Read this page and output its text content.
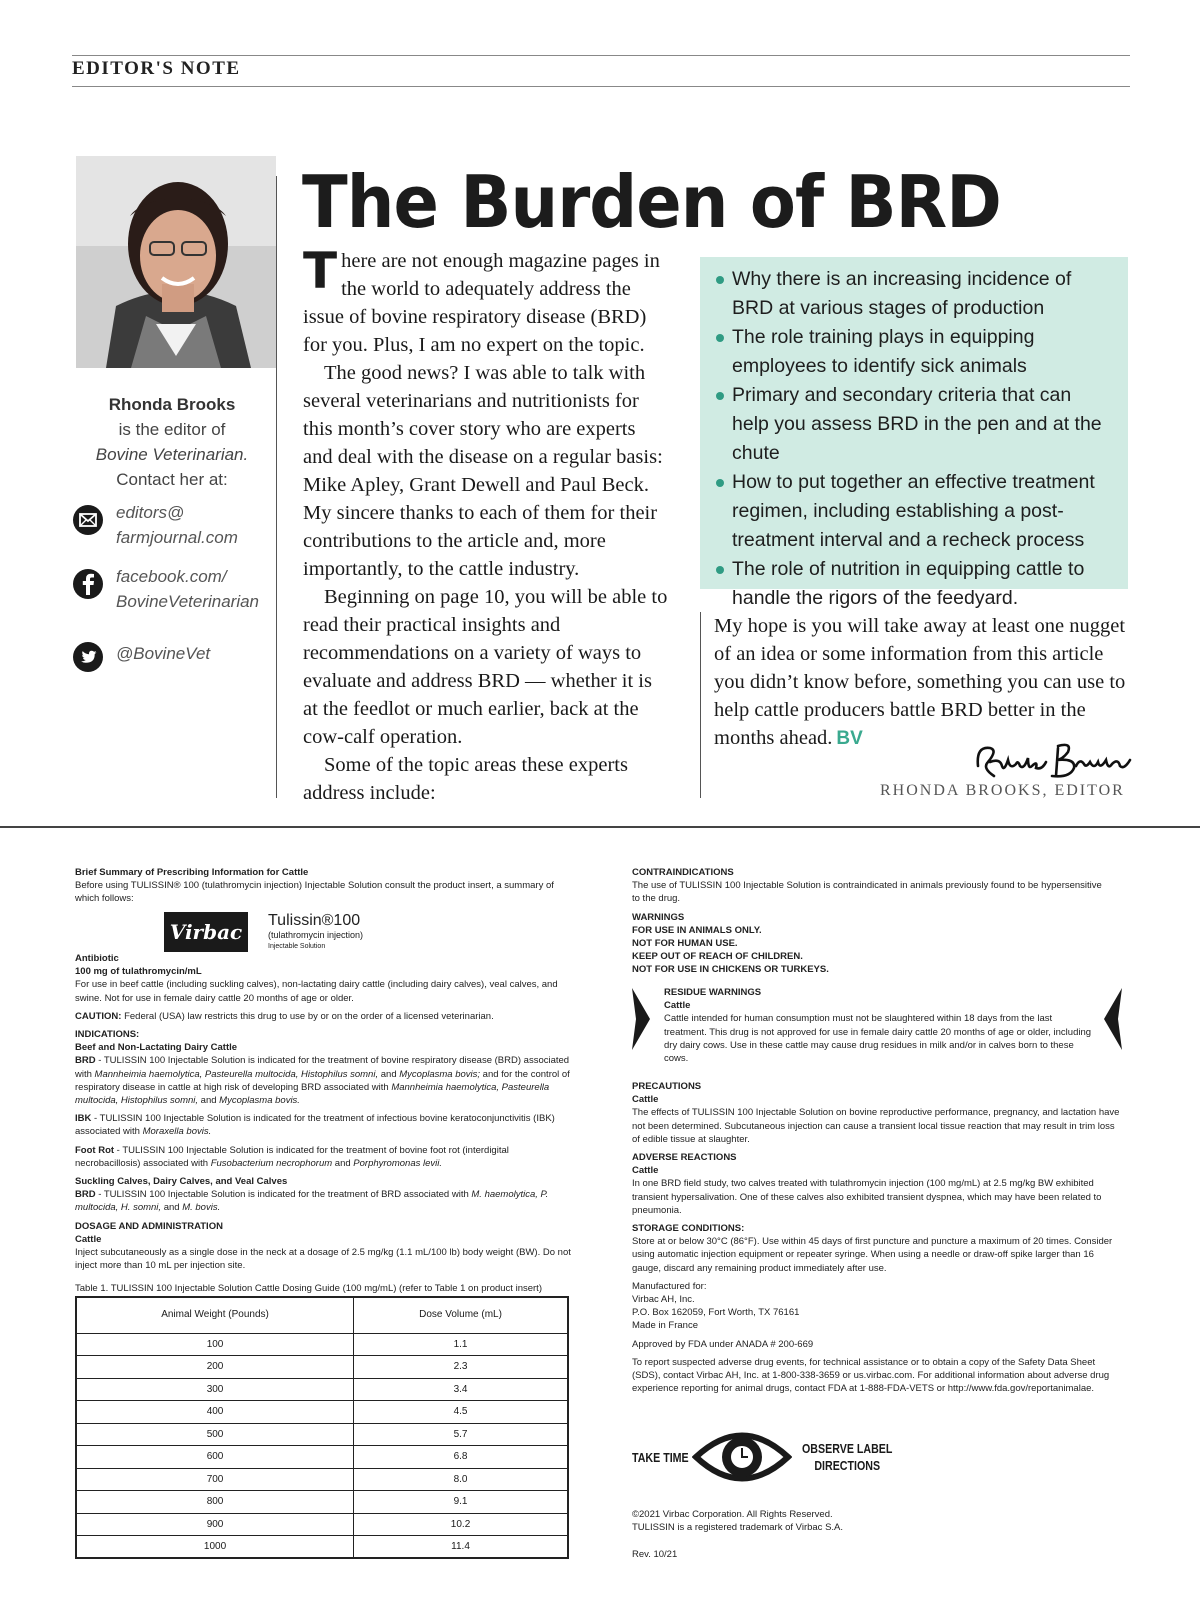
EDITOR'S NOTE
Rhonda Brooks
is the editor of
Bovine Veterinarian.
Contact her at:
editors@
farmjournal.com
facebook.com/
BovineVeterinarian
@BovineVet
The Burden of BRD

There are not enough magazine pages in the world to adequately address the issue of bovine respiratory disease (BRD) for you. Plus, I am no expert on the topic.

The good news? I was able to talk with several veterinarians and nutritionists for this month’s cover story who are experts and deal with the disease on a regular basis: Mike Apley, Grant Dewell and Paul Beck. My sincere thanks to each of them for their contributions to the article and, more importantly, to the cattle industry.

Beginning on page 10, you will be able to read their practical insights and recommendations on a variety of ways to evaluate and address BRD — whether it is at the feedlot or much earlier, back at the cow-calf operation.

Some of the topic areas these experts address include:

Why there is an increasing incidence of BRD at various stages of production
The role training plays in equipping employees to identify sick animals
Primary and secondary criteria that can help you assess BRD in the pen and at the chute
How to put together an effective treatment regimen, including establishing a post-treatment interval and a recheck process
The role of nutrition in equipping cattle to handle the rigors of the feedyard.
My hope is you will take away at least one nugget of an idea or some information from this article you didn’t know before, something you can use to help cattle producers battle BRD better in the months ahead. BV
RHONDA BROOKS, EDITOR
Brief Summary of Prescribing Information for Cattle
Before using TULISSIN® 100 (tulathromycin injection) Injectable Solution consult the product insert, a summary of which follows:
Virbac	Tulissin®100
(tulathromycin injection)
Injectable Solution
Antibiotic
100 mg of tulathromycin/mL
For use in beef cattle (including suckling calves), non-lactating dairy cattle (including dairy calves), veal calves, and swine. Not for use in female dairy cattle 20 months of age or older.
CAUTION: Federal (USA) law restricts this drug to use by or on the order of a licensed veterinarian.
INDICATIONS:
Beef and Non-Lactating Dairy Cattle
BRD - TULISSIN 100 Injectable Solution is indicated for the treatment of bovine respiratory disease (BRD) associated with Mannheimia haemolytica, Pasteurella multocida, Histophilus somni, and Mycoplasma bovis; and for the control of respiratory disease in cattle at high risk of developing BRD associated with Mannheimia haemolytica, Pasteurella multocida, Histophilus somni, and Mycoplasma bovis.
IBK - TULISSIN 100 Injectable Solution is indicated for the treatment of infectious bovine keratoconjunctivitis (IBK) associated with Moraxella bovis.
Foot Rot - TULISSIN 100 Injectable Solution is indicated for the treatment of bovine foot rot (interdigital necrobacillosis) associated with Fusobacterium necrophorum and Porphyromonas levii.
Suckling Calves, Dairy Calves, and Veal Calves
BRD - TULISSIN 100 Injectable Solution is indicated for the treatment of BRD associated with M. haemolytica, P. multocida, H. somni, and M. bovis.
DOSAGE AND ADMINISTRATION
Cattle
Inject subcutaneously as a single dose in the neck at a dosage of 2.5 mg/kg (1.1 mL/100 lb) body weight (BW). Do not inject more than 10 mL per injection site.
Table 1. TULISSIN 100 Injectable Solution Cattle Dosing Guide (100 mg/mL) (refer to Table 1 on product insert)
Animal Weight (Pounds)	Dose Volume (mL)
100	1.1
200	2.3
300	3.4
400	4.5
500	5.7
600	6.8
700	8.0
800	9.1
900	10.2
1000	11.4
CONTRAINDICATIONS
The use of TULISSIN 100 Injectable Solution is contraindicated in animals previously found to be hypersensitive to the drug.
WARNINGS
FOR USE IN ANIMALS ONLY.
NOT FOR HUMAN USE.
KEEP OUT OF REACH OF CHILDREN.
NOT FOR USE IN CHICKENS OR TURKEYS.
RESIDUE WARNINGS
Cattle
Cattle intended for human consumption must not be slaughtered within 18 days from the last treatment. This drug is not approved for use in female dairy cattle 20 months of age or older, including dry dairy cows. Use in these cattle may cause drug residues in milk and/or in calves born to these cows.
PRECAUTIONS
Cattle
The effects of TULISSIN 100 Injectable Solution on bovine reproductive performance, pregnancy, and lactation have not been determined. Subcutaneous injection can cause a transient local tissue reaction that may result in trim loss of edible tissue at slaughter.
ADVERSE REACTIONS
Cattle
In one BRD field study, two calves treated with tulathromycin injection (100 mg/mL) at 2.5 mg/kg BW exhibited transient hypersalivation. One of these calves also exhibited transient dyspnea, which may have been related to pneumonia.
STORAGE CONDITIONS:
Store at or below 30°C (86°F). Use within 45 days of first puncture and puncture a maximum of 20 times. Consider using automatic injection equipment or repeater syringe. When using a needle or draw-off spike larger than 16 gauge, discard any remaining product immediately after use.
Manufactured for:
Virbac AH, Inc.
P.O. Box 162059, Fort Worth, TX 76161
Made in France
Approved by FDA under ANADA # 200-669
To report suspected adverse drug events, for technical assistance or to obtain a copy of the Safety Data Sheet (SDS), contact Virbac AH, Inc. at 1-800-338-3659 or us.virbac.com. For additional information about adverse drug experience reporting for animal drugs, contact FDA at 1-888-FDA-VETS or http://www.fda.gov/reportanimalae.
TAKE TIME
OBSERVE LABEL
DIRECTIONS
©2021 Virbac Corporation. All Rights Reserved.
TULISSIN is a registered trademark of Virbac S.A.
Rev. 10/21
